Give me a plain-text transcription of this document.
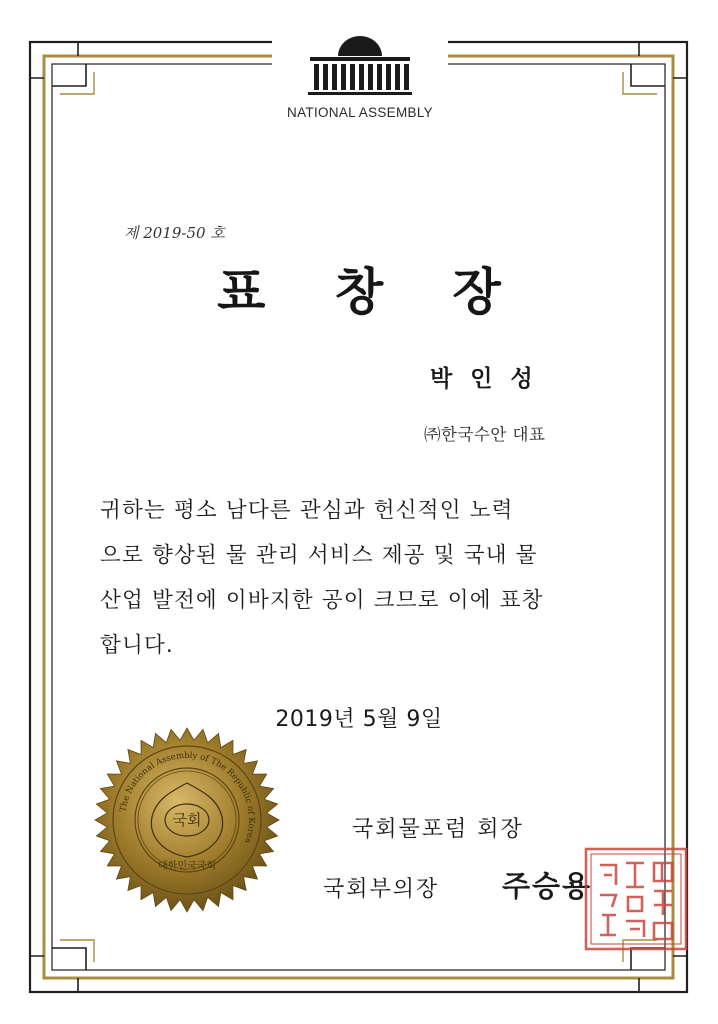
NATIONAL ASSEMBLY
제 2019-50 호
표 창 장
박 인 성
㈜한국수안 대표
귀하는 평소 남다른 관심과 헌신적인 노력
으로 향상된 물 관리 서비스 제공 및 국내 물
산업 발전에 이바지한 공이 크므로 이에 표창
합니다.
2019년 5월 9일
The National Assembly of The Republic of Korea
국회
대한민국국회
국회물포럼 회장
국회부의장 주승용
